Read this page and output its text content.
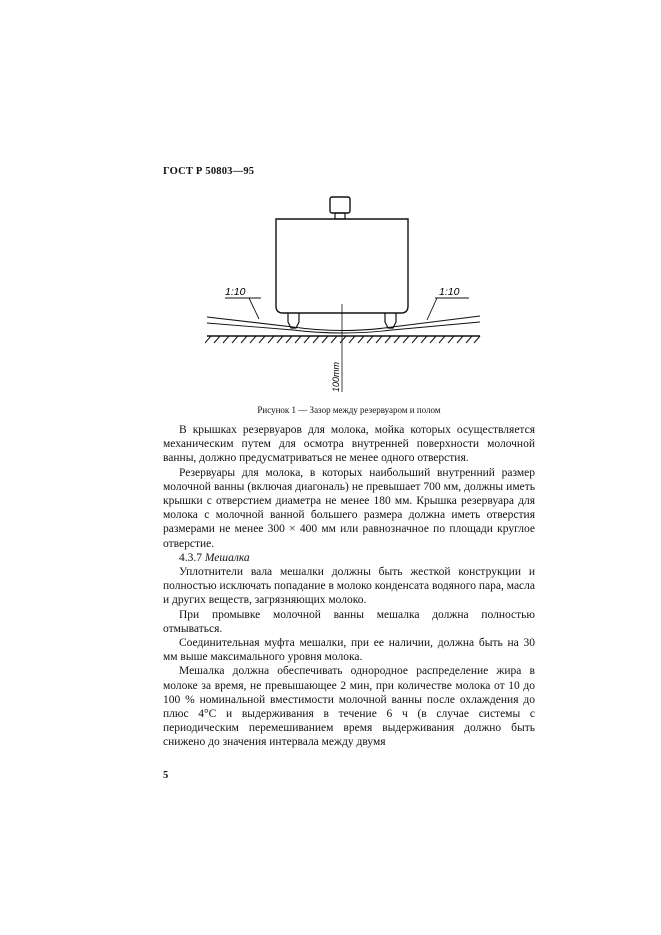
ГОСТ Р 50803—95
1:10	1:10
100mm
Рисунок 1 — Зазор между резервуаром и полом

В крышках резервуаров для молока, мойка которых осуществляется механическим путем для осмотра внутренней поверхности молочной ванны, должно предусматриваться не менее одного отверстия.

Резервуары для молока, в которых наибольший внутренний размер молочной ванны (включая диагональ) не превышает 700 мм, должны иметь крышки с отверстием диаметра не менее 180 мм. Крышка резервуара для молока с молочной ванной большего размера должна иметь отверстия размерами не менее 300 × 400 мм или равнозначное по площади круглое отверстие.

4.3.7 Мешалка

Уплотнители вала мешалки должны быть жесткой конструкции и полностью исключать попадание в молоко конденсата водяного пара, масла и других веществ, загрязняющих молоко.

При промывке молочной ванны мешалка должна полностью отмываться.

Соединительная муфта мешалки, при ее наличии, должна быть на 30 мм выше максимального уровня молока.

Мешалка должна обеспечивать однородное распределение жира в молоке за время, не превышающее 2 мин, при количестве молока от 10 до 100 % номинальной вместимости молочной ванны после охлаждения до плюс 4°С и выдерживания в течение 6 ч (в случае системы с периодическим перемешиванием время выдерживания должно быть снижено до значения интервала между двумя

5
